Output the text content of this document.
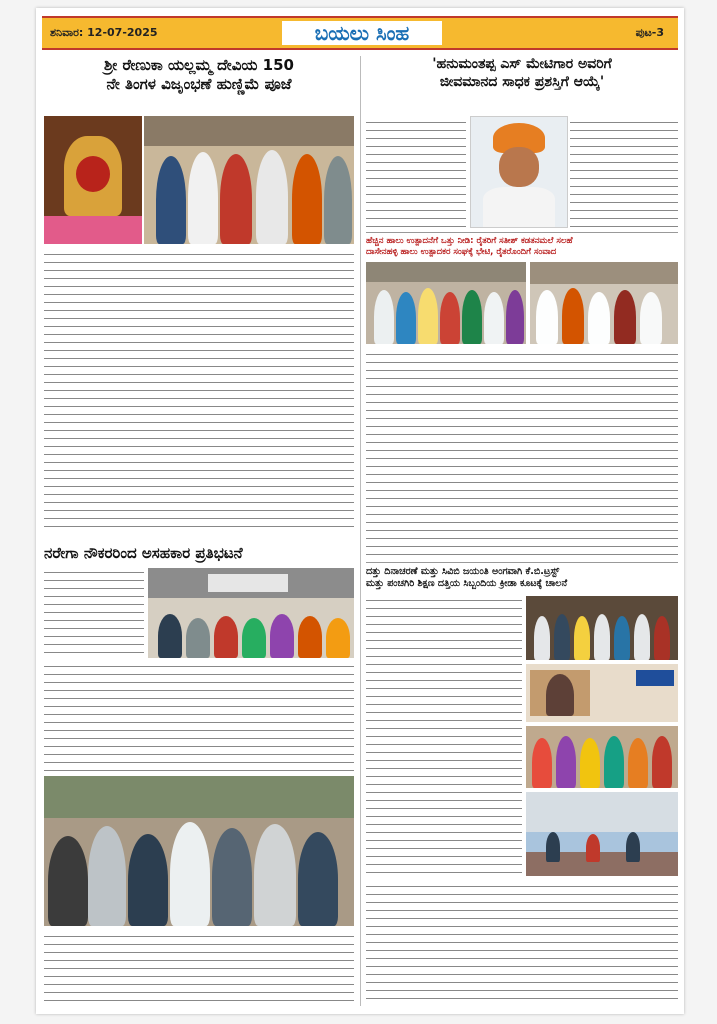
ಶನಿವಾರ: 12-07-2025	ಬಯಲು ಸಿಂಹ	ಪುಟ-3
ಶ್ರೀ ರೇಣುಕಾ ಯಲ್ಲಮ್ಮ ದೇವಿಯ 150
ನೇ ತಿಂಗಳ ವಿಜೃಂಭಣೆ ಹುಣ್ಣಿಮೆ ಪೂಜೆ
ನರೇಗಾ ನೌಕರರಿಂದ ಅಸಹಕಾರ ಪ್ರತಿಭಟನೆ
'ಹನುಮಂತಪ್ಪ ಎಸ್ ಮೇಟಿಗಾರ ಅವರಿಗೆ
ಜೀವಮಾನದ ಸಾಧಕ ಪ್ರಶಸ್ತಿಗೆ ಆಯ್ಕೆ'
ಹೆಚ್ಚಿನ ಹಾಲು ಉತ್ಪಾದನೆಗೆ ಒತ್ತು ನೀಡಿ: ರೈತರಿಗೆ ಸತೀಶ್ ಕಡತನಮಲೆ ಸಲಹೆ
ದಾಸೇನಹಳ್ಳಿ ಹಾಲು ಉತ್ಪಾದಕರ ಸಂಘಕ್ಕೆ ಭೇಟಿ, ರೈತರೊಂದಿಗೆ ಸಂವಾದ
ದತ್ತು ದಿನಾಚರಣೆ ಮತ್ತು ಸಿವಿಬಿ ಜಯಂತಿ ಅಂಗವಾಗಿ ಕೆ.ಬಿ.ಟ್ರಸ್ಟ್
ಮತ್ತು ಪಂಚಗಿರಿ ಶಿಕ್ಷಣ ದತ್ತಿಯ ಸಿಬ್ಬಂದಿಯ ಕ್ರೀಡಾ ಕೂಟಕ್ಕೆ ಚಾಲನೆ
